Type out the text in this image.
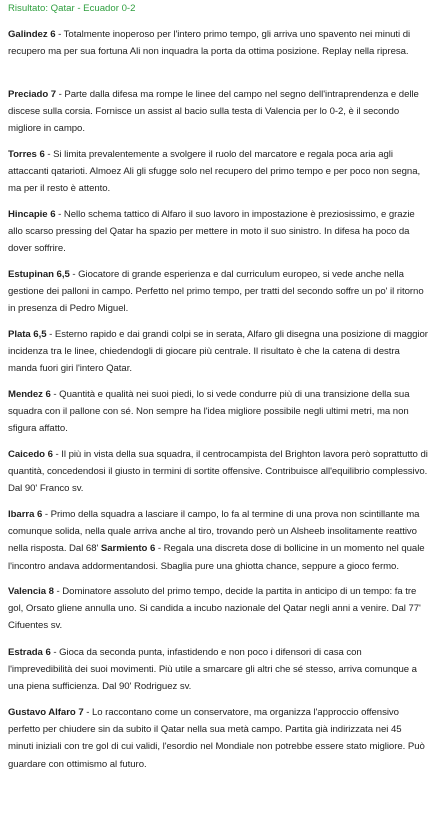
Risultato: Qatar - Ecuador 0-2

Galindez 6 - Totalmente inoperoso per l'intero primo tempo, gli arriva uno spavento nei minuti di recupero ma per sua fortuna Ali non inquadra la porta da ottima posizione. Replay nella ripresa.

Preciado 7 - Parte dalla difesa ma rompe le linee del campo nel segno dell'intraprendenza e delle discese sulla corsia. Fornisce un assist al bacio sulla testa di Valencia per lo 0-2, è il secondo migliore in campo.

Torres 6 - Si limita prevalentemente a svolgere il ruolo del marcatore e regala poca aria agli attaccanti qatarioti. Almoez Ali gli sfugge solo nel recupero del primo tempo e per poco non segna, ma per il resto è attento.

Hincapie 6 - Nello schema tattico di Alfaro il suo lavoro in impostazione è preziosissimo, e grazie allo scarso pressing del Qatar ha spazio per mettere in moto il suo sinistro. In difesa ha poco da dover soffrire.

Estupinan 6,5 - Giocatore di grande esperienza e dal curriculum europeo, si vede anche nella gestione dei palloni in campo. Perfetto nel primo tempo, per tratti del secondo soffre un po' il ritorno in presenza di Pedro Miguel.

Plata 6,5 - Esterno rapido e dai grandi colpi se in serata, Alfaro gli disegna una posizione di maggior incidenza tra le linee, chiedendogli di giocare più centrale. Il risultato è che la catena di destra manda fuori giri l'intero Qatar.

Mendez 6 - Quantità e qualità nei suoi piedi, lo si vede condurre più di una transizione della sua squadra con il pallone con sé. Non sempre ha l'idea migliore possibile negli ultimi metri, ma non sfigura affatto.

Caicedo 6 - Il più in vista della sua squadra, il centrocampista del Brighton lavora però soprattutto di quantità, concedendosi il giusto in termini di sortite offensive. Contribuisce all'equilibrio complessivo. Dal 90' Franco sv.

Ibarra 6 - Primo della squadra a lasciare il campo, lo fa al termine di una prova non scintillante ma comunque solida, nella quale arriva anche al tiro, trovando però un Alsheeb insolitamente reattivo nella risposta. Dal 68' Sarmiento 6 - Regala una discreta dose di bollicine in un momento nel quale l'incontro andava addormentandosi. Sbaglia pure una ghiotta chance, seppure a gioco fermo.

Valencia 8 - Dominatore assoluto del primo tempo, decide la partita in anticipo di un tempo: fa tre gol, Orsato gliene annulla uno. Si candida a incubo nazionale del Qatar negli anni a venire. Dal 77' Cifuentes sv.

Estrada 6 - Gioca da seconda punta, infastidendo e non poco i difensori di casa con l'imprevedibilità dei suoi movimenti. Più utile a smarcare gli altri che sé stesso, arriva comunque a una piena sufficienza. Dal 90' Rodriguez sv.

Gustavo Alfaro 7 - Lo raccontano come un conservatore, ma organizza l'approccio offensivo perfetto per chiudere sin da subito il Qatar nella sua metà campo. Partita già indirizzata nei 45 minuti iniziali con tre gol di cui validi, l'esordio nel Mondiale non potrebbe essere stato migliore. Può guardare con ottimismo al futuro.
